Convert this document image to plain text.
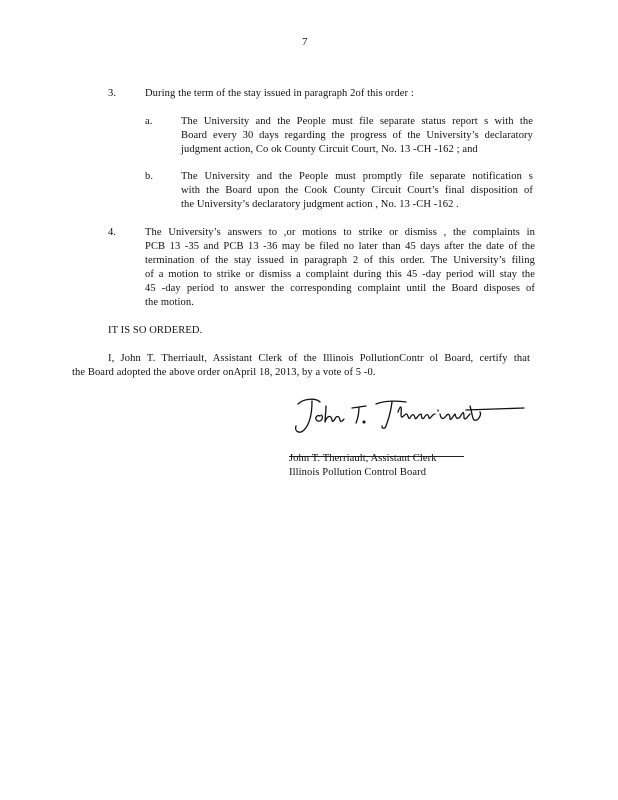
7
3.	During the term of the stay issued in paragraph 2of this order :
a.	The University and the People must file separate status report s with the
Board every 30 days regarding the progress of the University’s declaratory
judgment action, Co ok County Circuit Court, No. 13 -CH -162 ; and
b.	The University and the People must promptly file separate notification s
with the Board upon the Cook County Circuit Court’s final disposition of
the University’s declaratory judgment action , No. 13 -CH -162 .
4.	The University’s answers to ,or motions to strike or dismiss , the complaints in
PCB 13 -35 and PCB 13 -36 may be filed no later than 45 days after the date of the
termination of the stay issued in paragraph 2 of this order. The University’s filing
of a motion to strike or dismiss a complaint during this 45 -day period will stay the
45 -day period to answer the corresponding complaint until the Board disposes of
the motion.
IT IS SO ORDERED.
I, John T. Therriault, Assistant Clerk of the Illinois PollutionContr ol Board, certify that
the Board adopted the above order onApril 18, 2013, by a vote of 5 -0.
John T. Therriault, Assistant Clerk
Illinois Pollution Control Board
